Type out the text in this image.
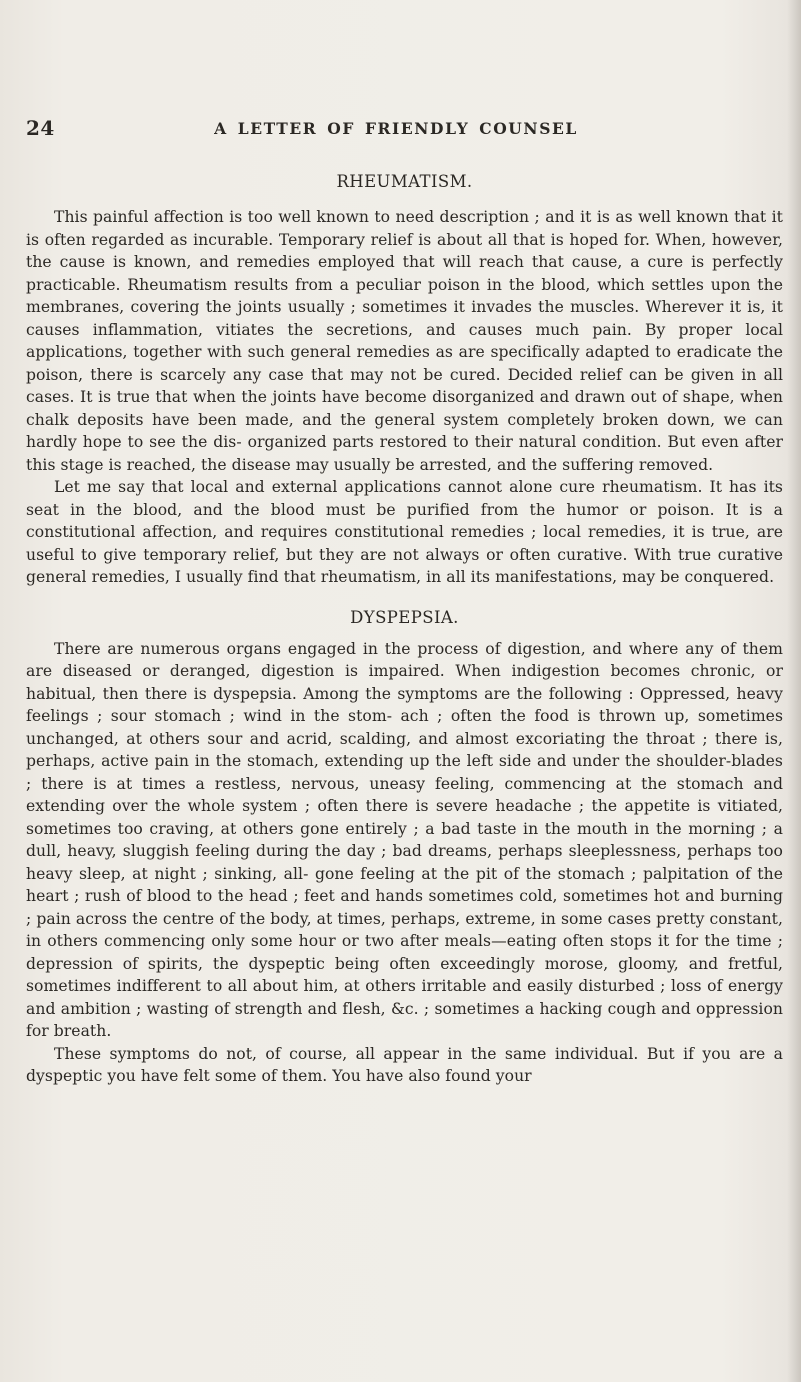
24	A LETTER OF FRIENDLY COUNSEL
RHEUMATISM.

This painful affection is too well known to need description ; and it is as well known that it is often regarded as incurable. Temporary relief is about all that is hoped for. When, however, the cause is known, and remedies employed that will reach that cause, a cure is perfectly practicable. Rheumatism results from a peculiar poison in the blood, which settles upon the membranes, covering the joints usually ; sometimes it invades the muscles. Wherever it is, it causes inflammation, vitiates the secretions, and causes much pain. By proper local applications, together with such general remedies as are specifically adapted to eradicate the poison, there is scarcely any case that may not be cured. Decided relief can be given in all cases. It is true that when the joints have become disorganized and drawn out of shape, when chalk deposits have been made, and the general system completely broken down, we can hardly hope to see the dis- organized parts restored to their natural condition. But even after this stage is reached, the disease may usually be arrested, and the suffering removed.

Let me say that local and external applications cannot alone cure rheumatism. It has its seat in the blood, and the blood must be purified from the humor or poison. It is a constitutional affection, and requires constitutional remedies ; local remedies, it is true, are useful to give temporary relief, but they are not always or often curative. With true curative general remedies, I usually find that rheumatism, in all its manifestations, may be conquered.

DYSPEPSIA.

There are numerous organs engaged in the process of digestion, and where any of them are diseased or deranged, digestion is impaired. When indigestion becomes chronic, or habitual, then there is dyspepsia. Among the symptoms are the following : Oppressed, heavy feelings ; sour stomach ; wind in the stom- ach ; often the food is thrown up, sometimes unchanged, at others sour and acrid, scalding, and almost excoriating the throat ; there is, perhaps, active pain in the stomach, extending up the left side and under the shoulder-blades ; there is at times a restless, nervous, uneasy feeling, commencing at the stomach and extending over the whole system ; often there is severe headache ; the appetite is vitiated, sometimes too craving, at others gone entirely ; a bad taste in the mouth in the morning ; a dull, heavy, sluggish feeling during the day ; bad dreams, perhaps sleeplessness, perhaps too heavy sleep, at night ; sinking, all- gone feeling at the pit of the stomach ; palpitation of the heart ; rush of blood to the head ; feet and hands sometimes cold, sometimes hot and burning ; pain across the centre of the body, at times, perhaps, extreme, in some cases pretty constant, in others commencing only some hour or two after meals—eating often stops it for the time ; depression of spirits, the dyspeptic being often exceedingly morose, gloomy, and fretful, sometimes indifferent to all about him, at others irritable and easily disturbed ; loss of energy and ambition ; wasting of strength and flesh, &c. ; sometimes a hacking cough and oppression for breath.

These symptoms do not, of course, all appear in the same individual. But if you are a dyspeptic you have felt some of them. You have also found your
